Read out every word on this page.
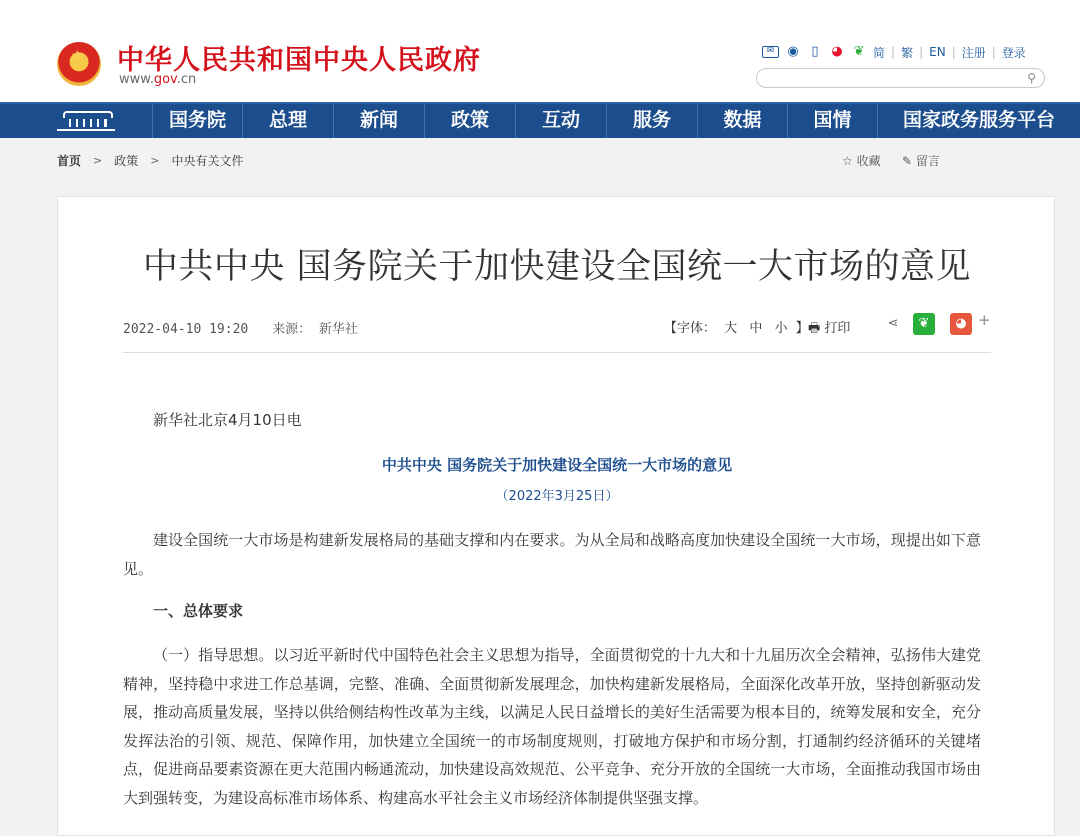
★
中华人民共和国中央人民政府
www.gov.cn
✉	◉ ▯ ◕ ❦ 简 | 繁 | EN | 注册 | 登录
⚲
国务院	总理	新闻	政策	互动	服务	数据	国情	国家政务服务平台
首页 > 政策 > 中央有关文件	☆ 收藏 ✎ 留言
中共中央 国务院关于加快建设全国统一大市场的意见
2022-04-10 19:20 来源： 新华社	【字体： 大 中 小 】 🖶 打印	⋖	❦	◕ +
新华社北京4月10日电
中共中央 国务院关于加快建设全国统一大市场的意见
（2022年3月25日）
建设全国统一大市场是构建新发展格局的基础支撑和内在要求。为从全局和战略高度加快建设全国统一大市场，现提出如下意见。
一、总体要求
（一）指导思想。以习近平新时代中国特色社会主义思想为指导，全面贯彻党的十九大和十九届历次全会精神，弘扬伟大建党精神，坚持稳中求进工作总基调，完整、准确、全面贯彻新发展理念，加快构建新发展格局，全面深化改革开放，坚持创新驱动发展，推动高质量发展，坚持以供给侧结构性改革为主线，以满足人民日益增长的美好生活需要为根本目的，统筹发展和安全，充分发挥法治的引领、规范、保障作用，加快建立全国统一的市场制度规则，打破地方保护和市场分割，打通制约经济循环的关键堵点，促进商品要素资源在更大范围内畅通流动，加快建设高效规范、公平竞争、充分开放的全国统一大市场，全面推动我国市场由大到强转变，为建设高标准市场体系、构建高水平社会主义市场经济体制提供坚强支撑。
